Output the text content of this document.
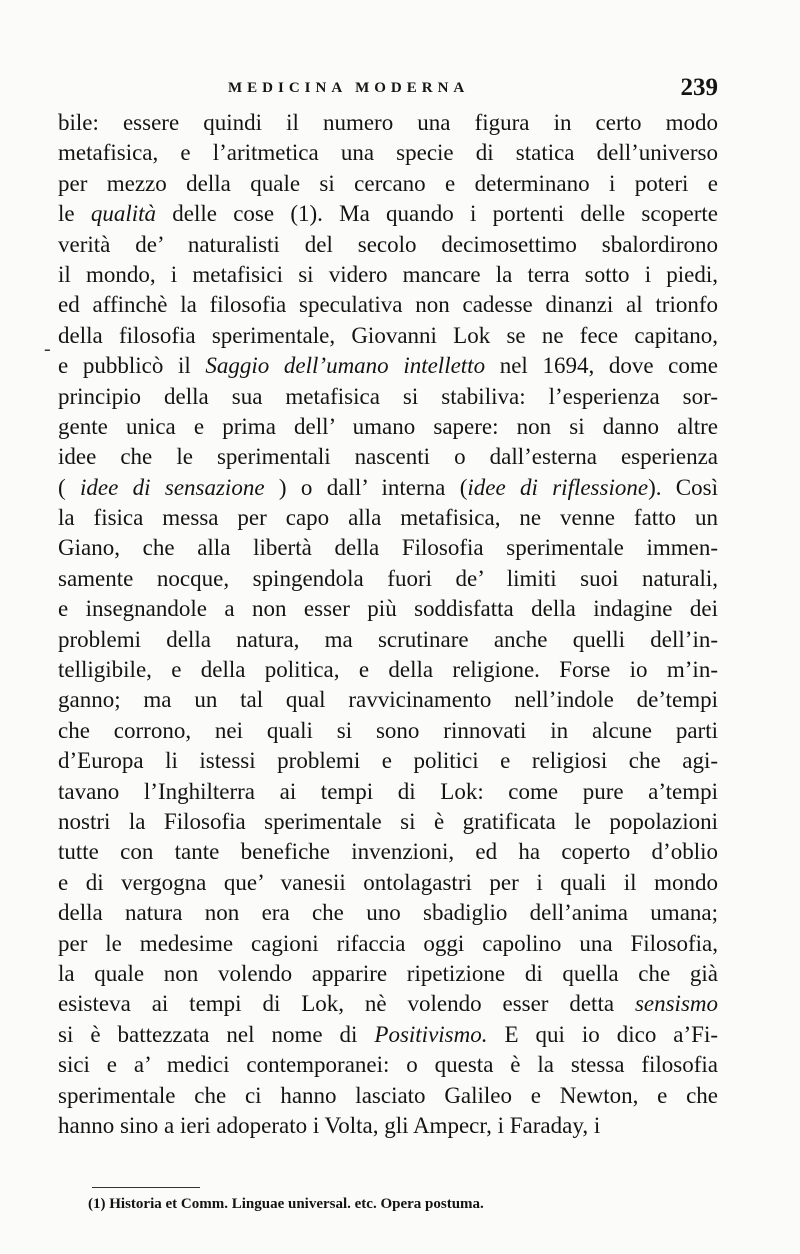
MEDICINA MODERNA	239
-
bile: essere quindi il numero una figura in certo modo
metafisica, e l’aritmetica una specie di statica dell’universo
per mezzo della quale si cercano e determinano i poteri e
le qualità delle cose (1). Ma quando i portenti delle scoperte
verità de’ naturalisti del secolo decimosettimo sbalordirono
il mondo, i metafisici si videro mancare la terra sotto i piedi,
ed affinchè la filosofia speculativa non cadesse dinanzi al trionfo
della filosofia sperimentale, Giovanni Lok se ne fece capitano,
e pubblicò il Saggio dell’umano intelletto nel 1694, dove come
principio della sua metafisica si stabiliva: l’esperienza sor-
gente unica e prima dell’ umano sapere: non si danno altre
idee che le sperimentali nascenti o dall’esterna esperienza
( idee di sensazione ) o dall’ interna (idee di riflessione). Così
la fisica messa per capo alla metafisica, ne venne fatto un
Giano, che alla libertà della Filosofia sperimentale immen-
samente nocque, spingendola fuori de’ limiti suoi naturali,
e insegnandole a non esser più soddisfatta della indagine dei
problemi della natura, ma scrutinare anche quelli dell’in-
telligibile, e della politica, e della religione. Forse io m’in-
ganno; ma un tal qual ravvicinamento nell’indole de’tempi
che corrono, nei quali si sono rinnovati in alcune parti
d’Europa li istessi problemi e politici e religiosi che agi-
tavano l’Inghilterra ai tempi di Lok: come pure a’tempi
nostri la Filosofia sperimentale si è gratificata le popolazioni
tutte con tante benefiche invenzioni, ed ha coperto d’oblio
e di vergogna que’ vanesii ontolagastri per i quali il mondo
della natura non era che uno sbadiglio dell’anima umana;
per le medesime cagioni rifaccia oggi capolino una Filosofia,
la quale non volendo apparire ripetizione di quella che già
esisteva ai tempi di Lok, nè volendo esser detta sensismo
si è battezzata nel nome di Positivismo. E qui io dico a’Fi-
sici e a’ medici contemporanei: o questa è la stessa filosofia
sperimentale che ci hanno lasciato Galileo e Newton, e che
hanno sino a ieri adoperato i Volta, gli Ampecr, i Faraday, i
(1) Historia et Comm. Linguae universal. etc. Opera postuma.
